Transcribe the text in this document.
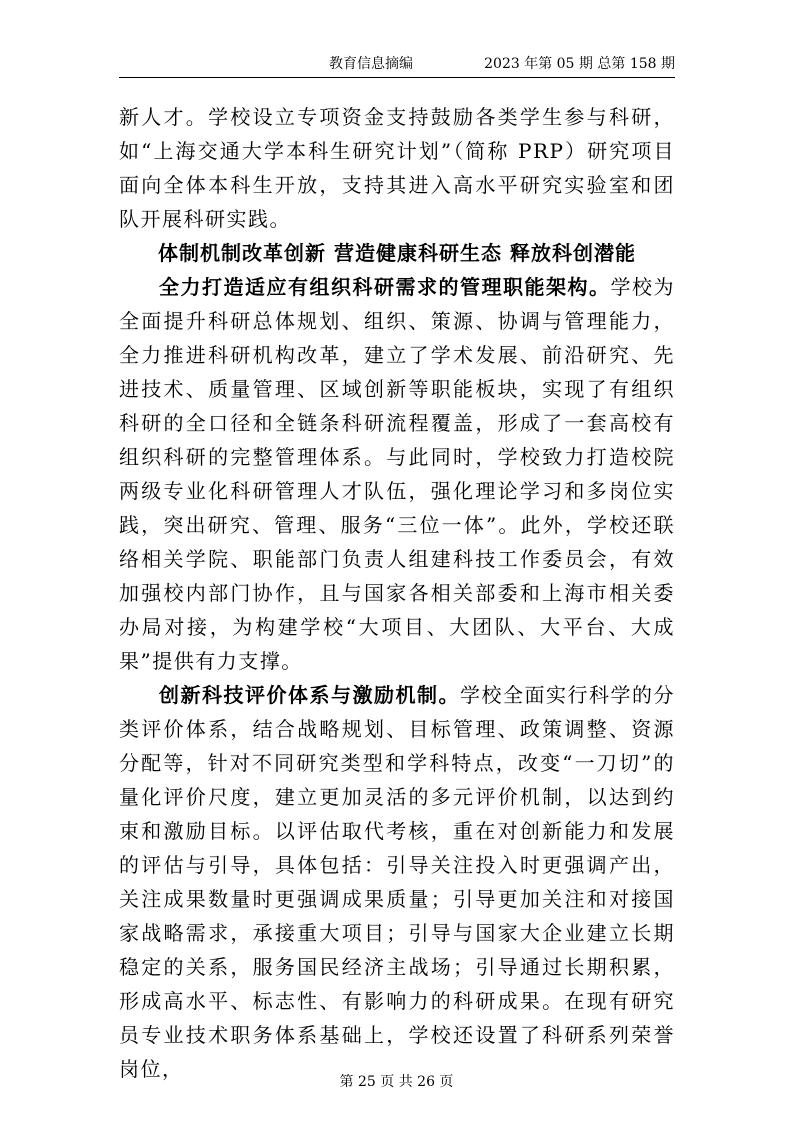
教育信息摘编	2023 年第 05 期 总第 158 期

新人才。学校设立专项资金支持鼓励各类学生参与科研，如“上海交通大学本科生研究计划”（简称 PRP）研究项目面向全体本科生开放，支持其进入高水平研究实验室和团队开展科研实践。

体制机制改革创新 营造健康科研生态 释放科创潜能

全力打造适应有组织科研需求的管理职能架构。学校为全面提升科研总体规划、组织、策源、协调与管理能力，全力推进科研机构改革，建立了学术发展、前沿研究、先进技术、质量管理、区域创新等职能板块，实现了有组织科研的全口径和全链条科研流程覆盖，形成了一套高校有组织科研的完整管理体系。与此同时，学校致力打造校院两级专业化科研管理人才队伍，强化理论学习和多岗位实践，突出研究、管理、服务“三位一体”。此外，学校还联络相关学院、职能部门负责人组建科技工作委员会，有效加强校内部门协作，且与国家各相关部委和上海市相关委办局对接，为构建学校“大项目、大团队、大平台、大成果”提供有力支撑。

创新科技评价体系与激励机制。学校全面实行科学的分类评价体系，结合战略规划、目标管理、政策调整、资源分配等，针对不同研究类型和学科特点，改变“一刀切”的量化评价尺度，建立更加灵活的多元评价机制，以达到约束和激励目标。以评估取代考核，重在对创新能力和发展的评估与引导，具体包括：引导关注投入时更强调产出，关注成果数量时更强调成果质量；引导更加关注和对接国家战略需求，承接重大项目；引导与国家大企业建立长期稳定的关系，服务国民经济主战场；引导通过长期积累，形成高水平、标志性、有影响力的科研成果。在现有研究员专业技术职务体系基础上，学校还设置了科研系列荣誉岗位，

第 25 页 共 26 页
